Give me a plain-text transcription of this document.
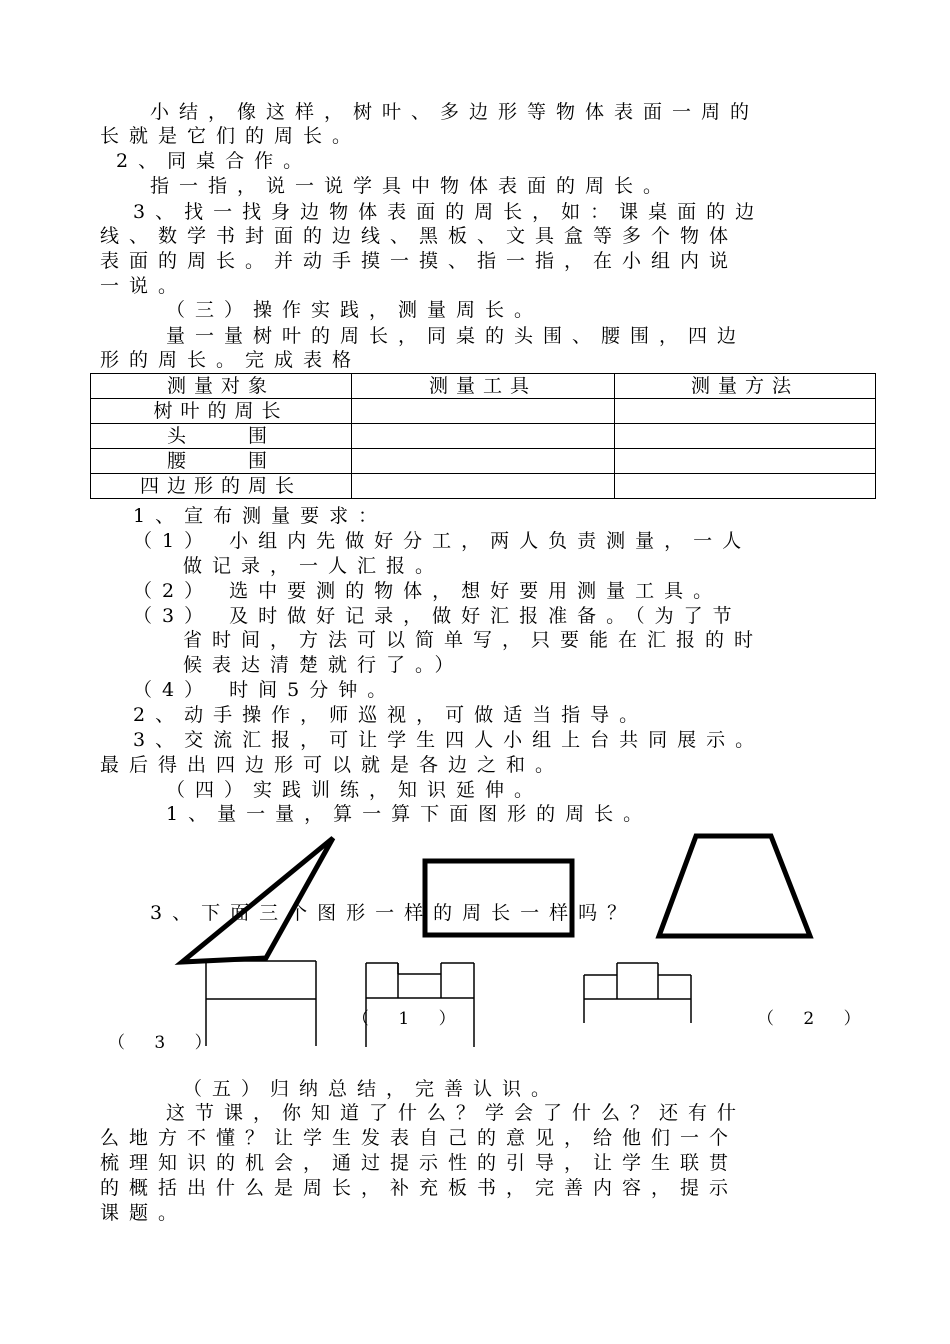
小结，像这样，树叶、多边形等物体表面一周的
长就是它们的周长。
2、同桌合作。
指一指，说一说学具中物体表面的周长。
3、找一找身边物体表面的周长，如：课桌面的边
线、数学书封面的边线、黑板、文具盒等多个物体
表面的周长。并动手摸一摸、指一指，在小组内说
一说。
（三）操作实践，测量周长。
量一量树叶的周长，同桌的头围、腰围，四边
形的周长。完成表格
测量对象	测量工具	测量方法
树叶的周长		
头　　围		
腰　　围		
四边形的周长		
1、宣布测量要求：
（1） 小组内先做好分工，两人负责测量，一人
做记录，一人汇报。
（2） 选中要测的物体，想好要用测量工具。
（3） 及时做好记录，做好汇报准备。（为了节
省时间，方法可以简单写，只要能在汇报的时
候表达清楚就行了。）
（4） 时间5分钟。
2、动手操作，师巡视，可做适当指导。
3、交流汇报，可让学生四人小组上台共同展示。
最后得出四边形可以就是各边之和。
（四）实践训练，知识延伸。
1、量一量，算一算下面图形的周长。
3、下面三个图形一样的周长一样吗？
（ 1 ）	（ 2 ）
（ 3 ）
（五）归纳总结，完善认识。
这节课，你知道了什么？学会了什么？还有什
么地方不懂？让学生发表自己的意见，给他们一个
梳理知识的机会，通过提示性的引导，让学生联贯
的概括出什么是周长，补充板书，完善内容，提示
课题。
